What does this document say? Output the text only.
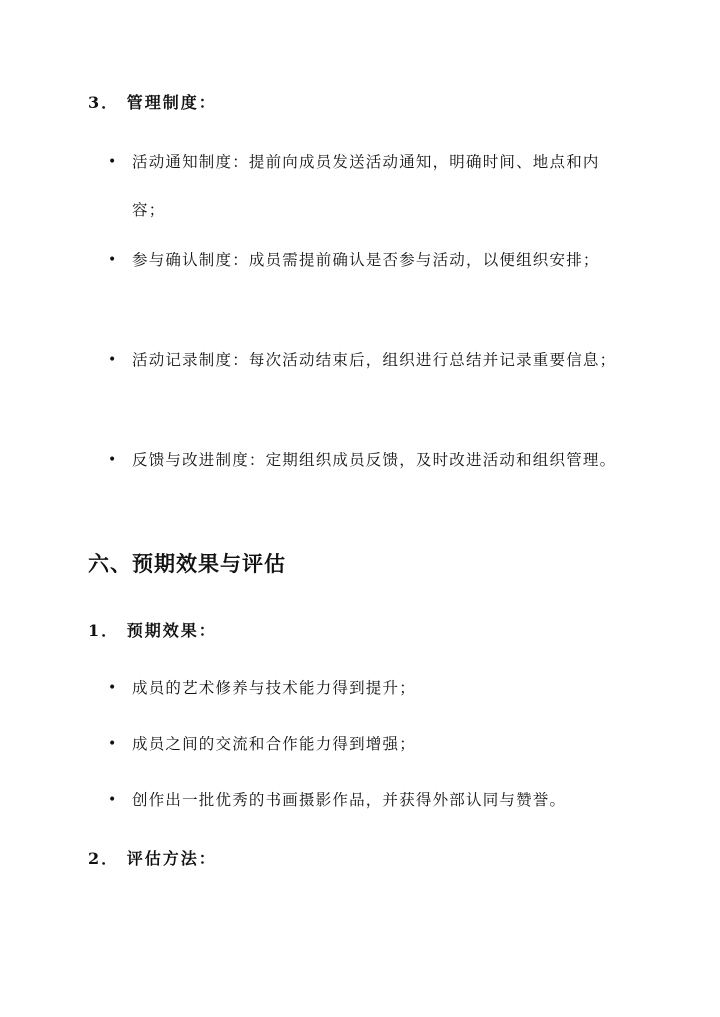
3． 管理制度：
• 活动通知制度：提前向成员发送活动通知，明确时间、地点和内容；
• 参与确认制度：成员需提前确认是否参与活动，以便组织安排；
• 活动记录制度：每次活动结束后，组织进行总结并记录重要信息；
• 反馈与改进制度：定期组织成员反馈，及时改进活动和组织管理。
六、预期效果与评估
1． 预期效果：
• 成员的艺术修养与技术能力得到提升；
• 成员之间的交流和合作能力得到增强；
• 创作出一批优秀的书画摄影作品，并获得外部认同与赞誉。
2． 评估方法：
